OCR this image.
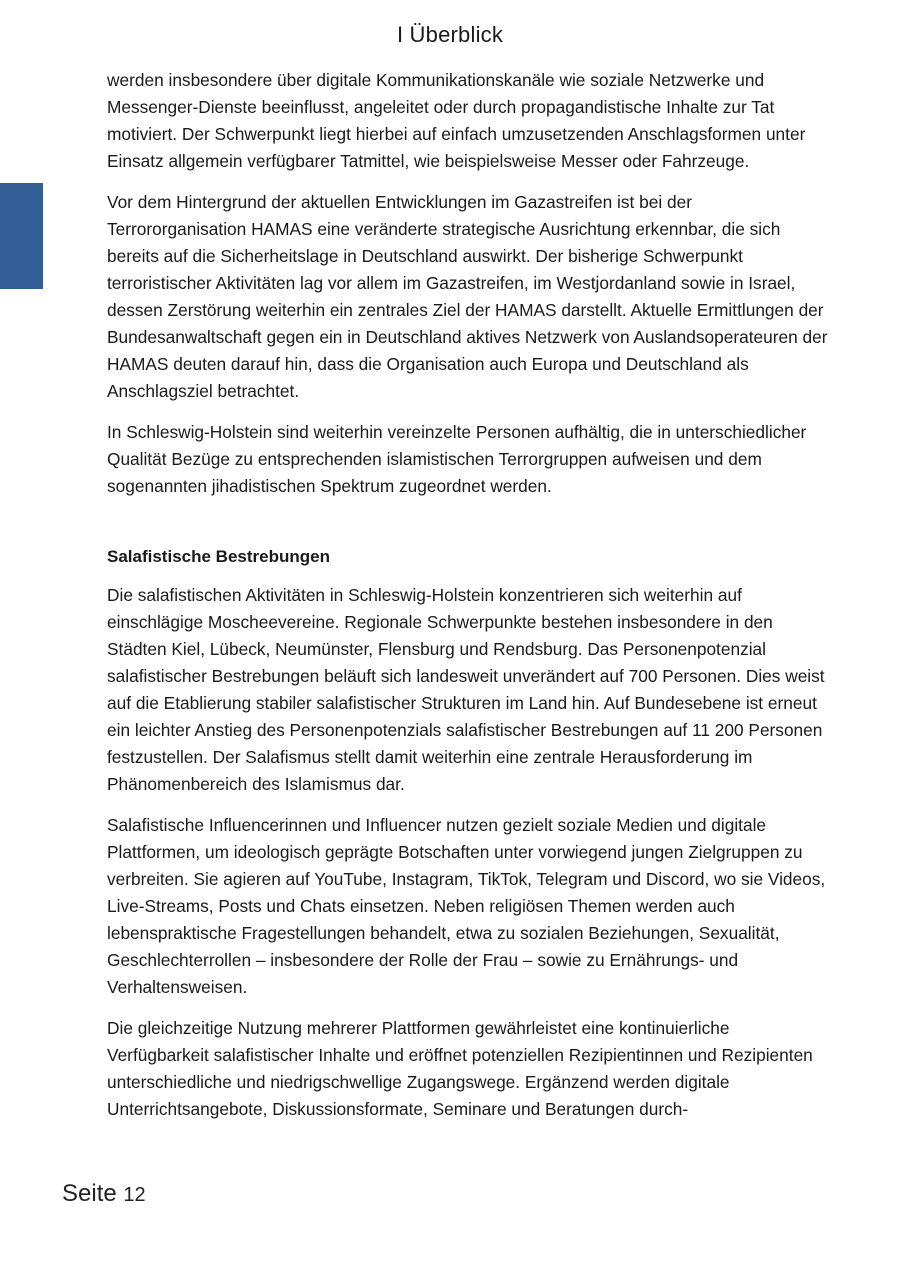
I Überblick

werden insbesondere über digitale Kommunikationskanäle wie soziale Netzwerke und Messenger-Dienste beeinflusst, angeleitet oder durch propagandistische Inhalte zur Tat motiviert. Der Schwerpunkt liegt hierbei auf einfach umzusetzenden Anschlagsformen unter Einsatz allgemein verfügbarer Tatmittel, wie beispielsweise Messer oder Fahrzeuge.

Vor dem Hintergrund der aktuellen Entwicklungen im Gazastreifen ist bei der Terrororganisation HAMAS eine veränderte strategische Ausrichtung erkennbar, die sich bereits auf die Sicherheitslage in Deutschland auswirkt. Der bisherige Schwerpunkt terroristischer Aktivitäten lag vor allem im Gazastreifen, im Westjordanland sowie in Israel, dessen Zerstörung weiterhin ein zentrales Ziel der HAMAS darstellt. Aktuelle Ermittlungen der Bundesanwaltschaft gegen ein in Deutschland aktives Netzwerk von Auslandsoperateuren der HAMAS deuten darauf hin, dass die Organisation auch Europa und Deutschland als Anschlagsziel betrachtet.

In Schleswig-Holstein sind weiterhin vereinzelte Personen aufhältig, die in unterschiedlicher Qualität Bezüge zu entsprechenden islamistischen Terrorgruppen aufweisen und dem sogenannten jihadistischen Spektrum zugeordnet werden.

Salafistische Bestrebungen

Die salafistischen Aktivitäten in Schleswig-Holstein konzentrieren sich weiterhin auf einschlägige Moscheevereine. Regionale Schwerpunkte bestehen insbesondere in den Städten Kiel, Lübeck, Neumünster, Flensburg und Rendsburg. Das Personenpotenzial salafistischer Bestrebungen beläuft sich landesweit unverändert auf 700 Personen. Dies weist auf die Etablierung stabiler salafistischer Strukturen im Land hin. Auf Bundesebene ist erneut ein leichter Anstieg des Personenpotenzials salafistischer Bestrebungen auf 11 200 Personen festzustellen. Der Salafismus stellt damit weiterhin eine zentrale Herausforderung im Phänomenbereich des Islamismus dar.

Salafistische Influencerinnen und Influencer nutzen gezielt soziale Medien und digitale Plattformen, um ideologisch geprägte Botschaften unter vorwiegend jungen Zielgruppen zu verbreiten. Sie agieren auf YouTube, Instagram, TikTok, Telegram und Discord, wo sie Videos, Live-Streams, Posts und Chats einsetzen. Neben religiösen Themen werden auch lebenspraktische Fragestellungen behandelt, etwa zu sozialen Beziehungen, Sexualität, Geschlechterrollen – insbesondere der Rolle der Frau – sowie zu Ernährungs- und Verhaltensweisen.

Die gleichzeitige Nutzung mehrerer Plattformen gewährleistet eine kontinuierliche Verfügbarkeit salafistischer Inhalte und eröffnet potenziellen Rezipientinnen und Rezipienten unterschiedliche und niedrigschwellige Zugangswege. Ergänzend werden digitale Unterrichtsangebote, Diskussionsformate, Seminare und Beratungen durch-

Seite 12
